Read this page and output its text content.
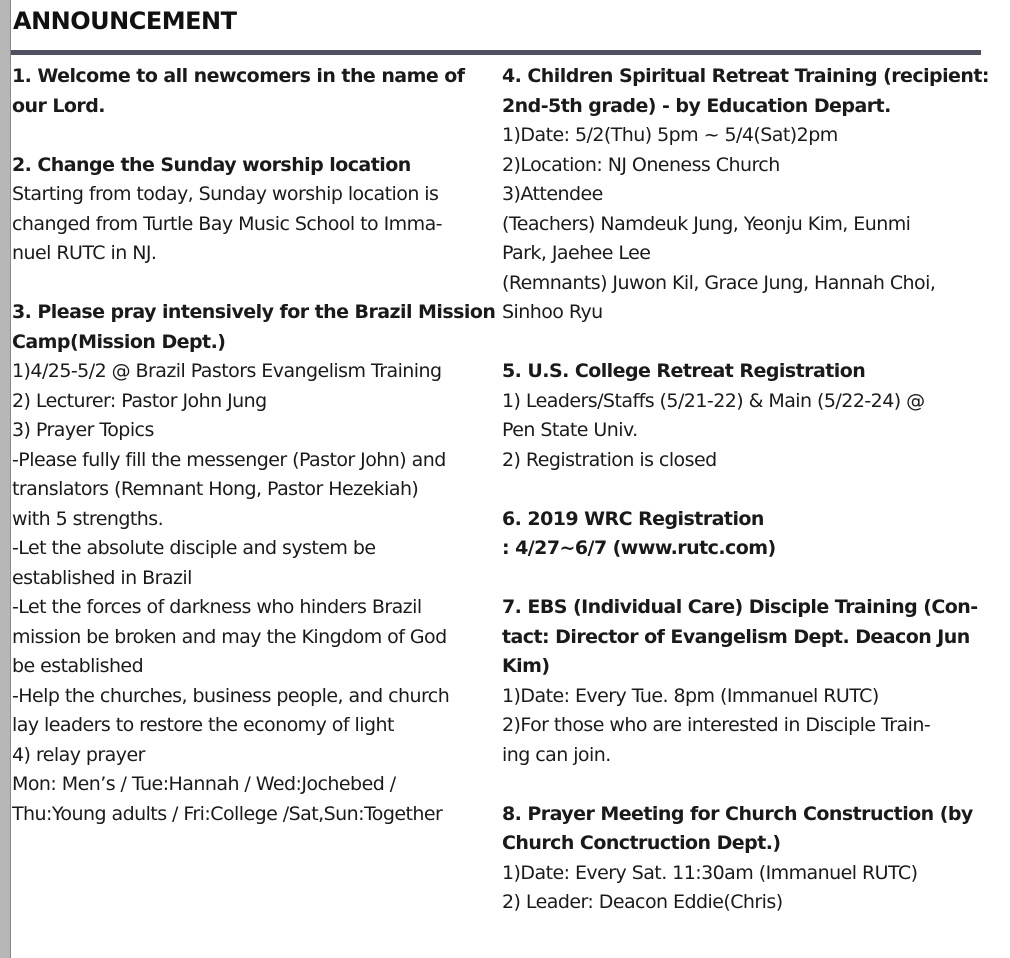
ANNOUNCEMENT
1. Welcome to all newcomers in the name of
our Lord.
2. Change the Sunday worship location
Starting from today, Sunday worship location is
changed from Turtle Bay Music School to Imma-
nuel RUTC in NJ.
3. Please pray intensively for the Brazil Mission
Camp(Mission Dept.)
1)4/25-5/2 @ Brazil Pastors Evangelism Training
2) Lecturer: Pastor John Jung
3) Prayer Topics
-Please fully fill the messenger (Pastor John) and
translators (Remnant Hong, Pastor Hezekiah)
with 5 strengths.
-Let the absolute disciple and system be
established in Brazil
-Let the forces of darkness who hinders Brazil
mission be broken and may the Kingdom of God
be established
-Help the churches, business people, and church
lay leaders to restore the economy of light
4) relay prayer
Mon: Men’s / Tue:Hannah / Wed:Jochebed /
Thu:Young adults / Fri:College /Sat,Sun:Together
4. Children Spiritual Retreat Training (recipient:
2nd-5th grade) - by Education Depart.
1)Date: 5/2(Thu) 5pm ~ 5/4(Sat)2pm
2)Location: NJ Oneness Church
3)Attendee
(Teachers) Namdeuk Jung, Yeonju Kim, Eunmi
Park, Jaehee Lee
(Remnants) Juwon Kil, Grace Jung, Hannah Choi,
Sinhoo Ryu
5. U.S. College Retreat Registration
1) Leaders/Staffs (5/21-22) & Main (5/22-24) @
Pen State Univ.
2) Registration is closed
6. 2019 WRC Registration
: 4/27~6/7 (www.rutc.com)
7. EBS (Individual Care) Disciple Training (Con-
tact: Director of Evangelism Dept. Deacon Jun
Kim)
1)Date: Every Tue. 8pm (Immanuel RUTC)
2)For those who are interested in Disciple Train-
ing can join.
8. Prayer Meeting for Church Construction (by
Church Conctruction Dept.)
1)Date: Every Sat. 11:30am (Immanuel RUTC)
2) Leader: Deacon Eddie(Chris)
